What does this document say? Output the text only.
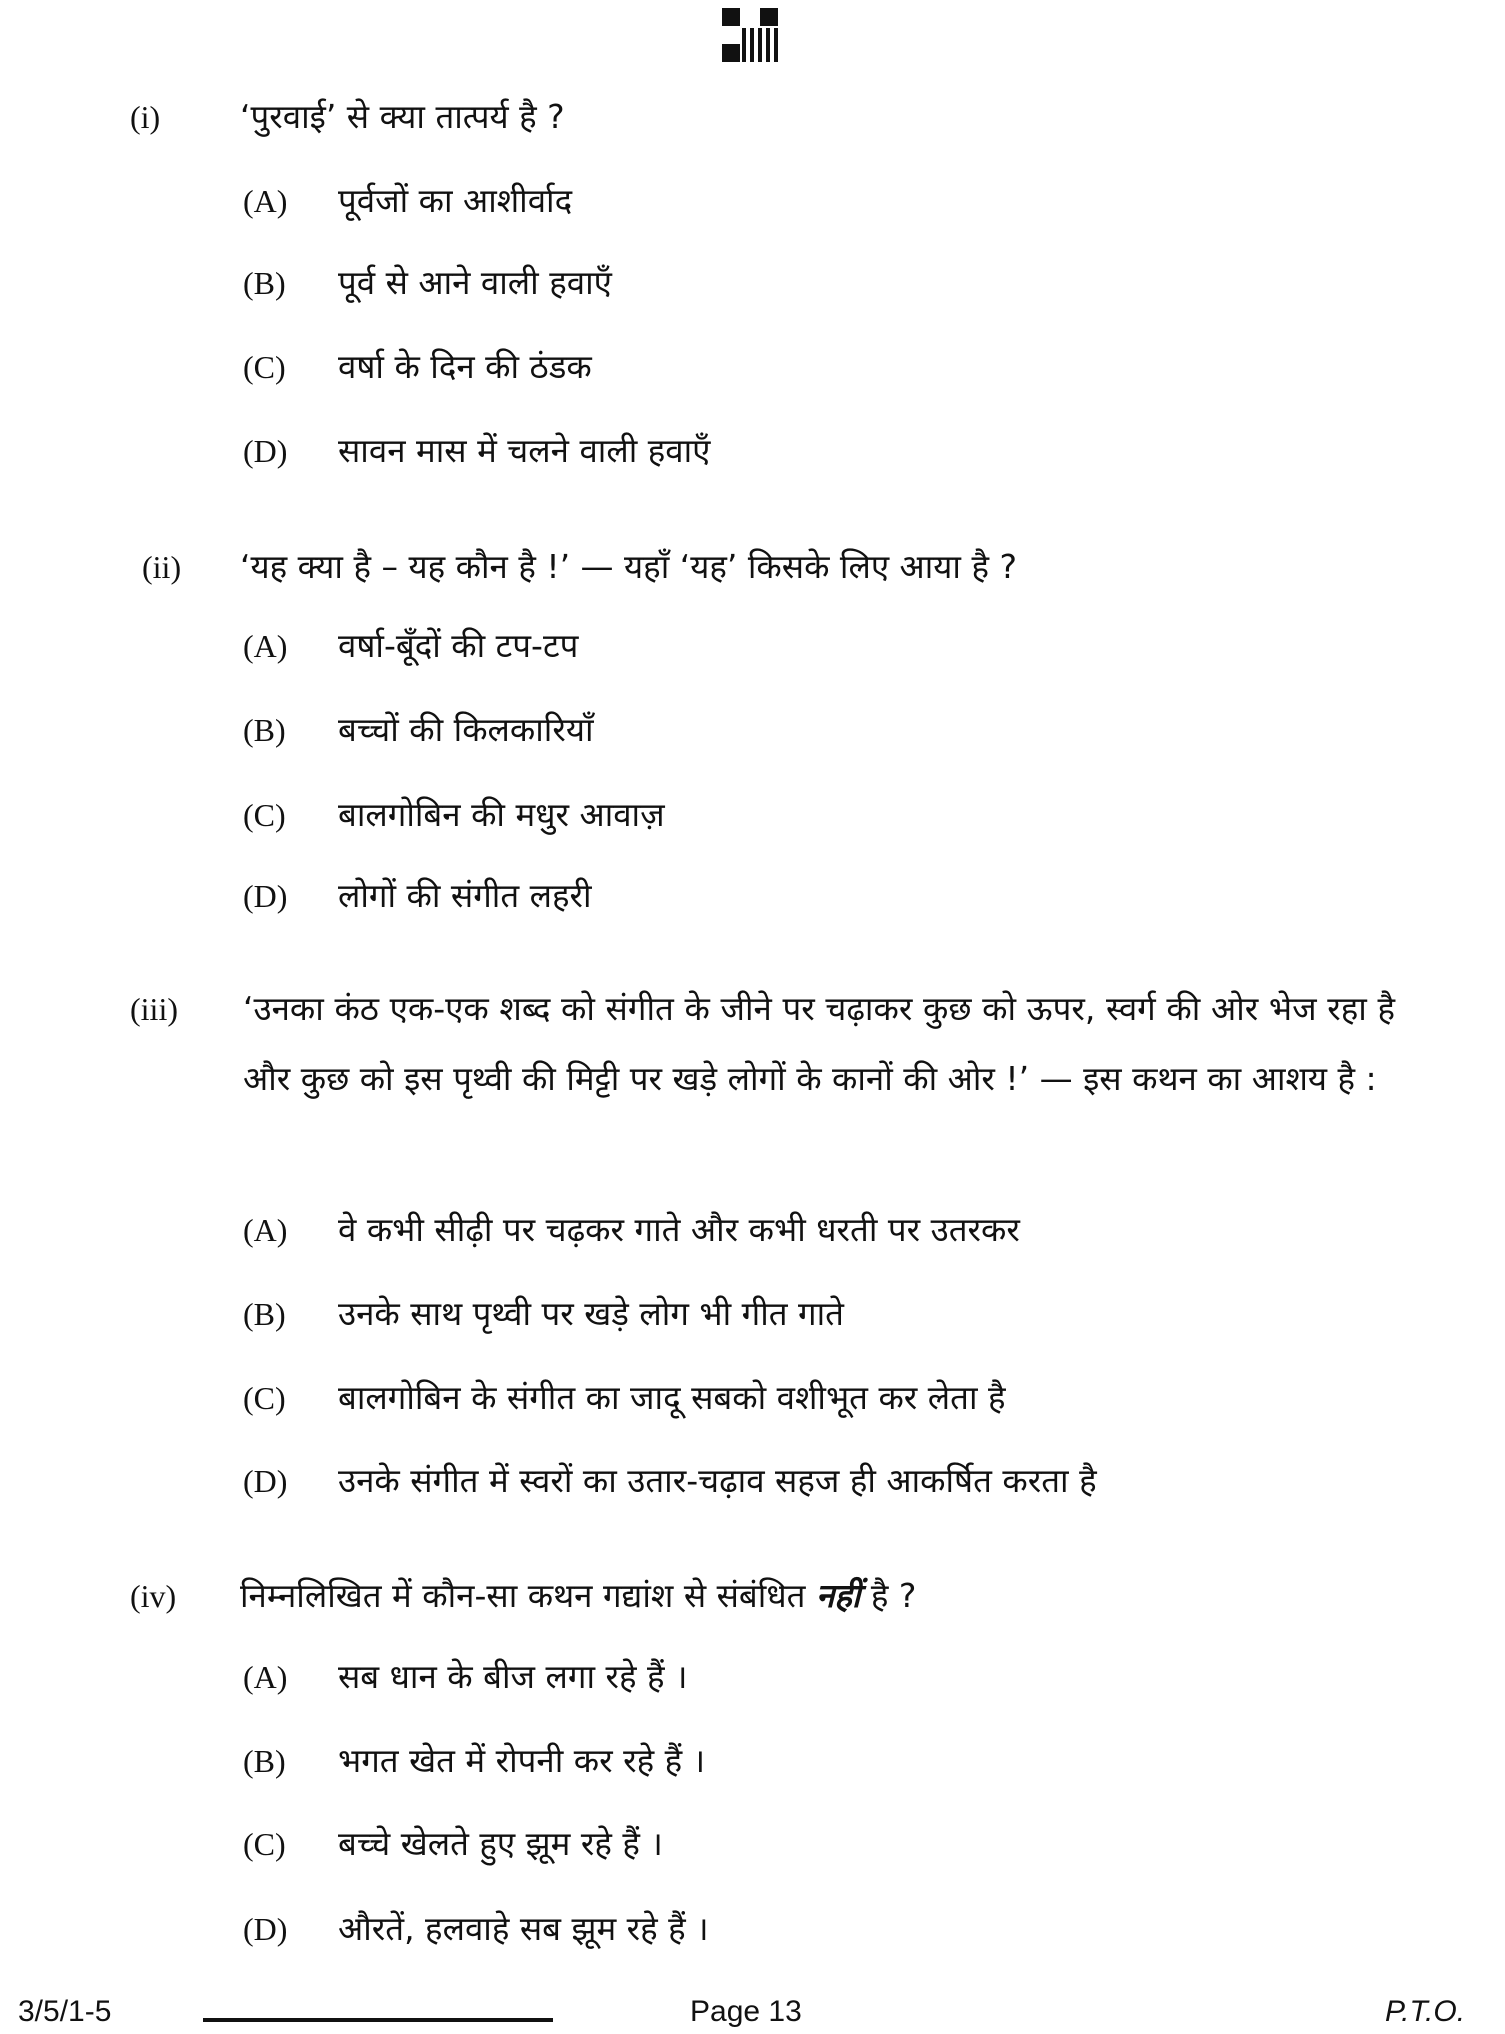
(i) ‘पुरवाई’ से क्या तात्पर्य है ?
(A) पूर्वजों का आशीर्वाद
(B) पूर्व से आने वाली हवाएँ
(C) वर्षा के दिन की ठंडक
(D) सावन मास में चलने वाली हवाएँ
(ii) ‘यह क्या है – यह कौन है !’ — यहाँ ‘यह’ किसके लिए आया है ?
(A) वर्षा-बूँदों की टप-टप
(B) बच्चों की किलकारियाँ
(C) बालगोबिन की मधुर आवाज़
(D) लोगों की संगीत लहरी
(iii) ‘उनका कंठ एक-एक शब्द को संगीत के जीने पर चढ़ाकर कुछ को ऊपर, स्वर्ग की ओर भेज रहा है और कुछ को इस पृथ्वी की मिट्टी पर खड़े लोगों के कानों की ओर !’ — इस कथन का आशय है :
(A) वे कभी सीढ़ी पर चढ़कर गाते और कभी धरती पर उतरकर
(B) उनके साथ पृथ्वी पर खड़े लोग भी गीत गाते
(C) बालगोबिन के संगीत का जादू सबको वशीभूत कर लेता है
(D) उनके संगीत में स्वरों का उतार-चढ़ाव सहज ही आकर्षित करता है
(iv) निम्नलिखित में कौन-सा कथन गद्यांश से संबंधित नहीं है ?
(A) सब धान के बीज लगा रहे हैं ।
(B) भगत खेत में रोपनी कर रहे हैं ।
(C) बच्चे खेलते हुए झूम रहे हैं ।
(D) औरतें, हलवाहे सब झूम रहे हैं ।
3/5/1-5	Page 13	P.T.O.
